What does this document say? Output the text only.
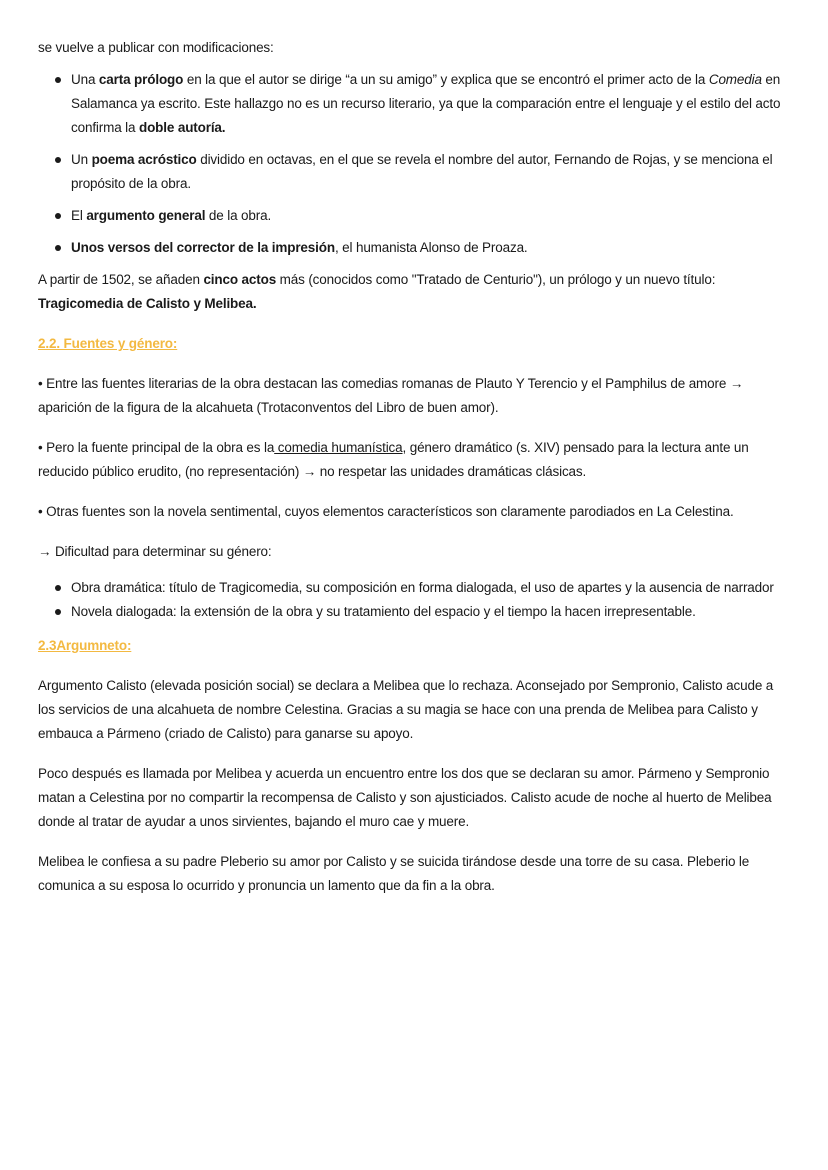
se vuelve a publicar con modificaciones:

Una carta prólogo en la que el autor se dirige “a un su amigo” y explica que se encontró el primer acto de la Comedia en Salamanca ya escrito. Este hallazgo no es un recurso literario, ya que la comparación entre el lenguaje y el estilo del acto confirma la doble autoría.
Un poema acróstico dividido en octavas, en el que se revela el nombre del autor, Fernando de Rojas, y se menciona el propósito de la obra.
El argumento general de la obra.
Unos versos del corrector de la impresión, el humanista Alonso de Proaza.

A partir de 1502, se añaden cinco actos más (conocidos como "Tratado de Centurio"), un prólogo y un nuevo título: Tragicomedia de Calisto y Melibea.

2.2. Fuentes y género:

• Entre las fuentes literarias de la obra destacan las comedias romanas de Plauto Y Terencio y el Pamphilus de amore → aparición de la figura de la alcahueta (Trotaconventos del Libro de buen amor).

• Pero la fuente principal de la obra es la comedia humanística, género dramático (s. XIV) pensado para la lectura ante un reducido público erudito, (no representación) → no respetar las unidades dramáticas clásicas.

• Otras fuentes son la novela sentimental, cuyos elementos característicos son claramente parodiados en La Celestina.

→ Dificultad para determinar su género:

Obra dramática: título de Tragicomedia, su composición en forma dialogada, el uso de apartes y la ausencia de narrador
Novela dialogada: la extensión de la obra y su tratamiento del espacio y el tiempo la hacen irrepresentable.

2.3Argumneto:

Argumento Calisto (elevada posición social) se declara a Melibea que lo rechaza. Aconsejado por Sempronio, Calisto acude a los servicios de una alcahueta de nombre Celestina. Gracias a su magia se hace con una prenda de Melibea para Calisto y embauca a Pármeno (criado de Calisto) para ganarse su apoyo.

Poco después es llamada por Melibea y acuerda un encuentro entre los dos que se declaran su amor. Pármeno y Sempronio matan a Celestina por no compartir la recompensa de Calisto y son ajusticiados. Calisto acude de noche al huerto de Melibea donde al tratar de ayudar a unos sirvientes, bajando el muro cae y muere.

Melibea le confiesa a su padre Pleberio su amor por Calisto y se suicida tirándose desde una torre de su casa. Pleberio le comunica a su esposa lo ocurrido y pronuncia un lamento que da fin a la obra.
